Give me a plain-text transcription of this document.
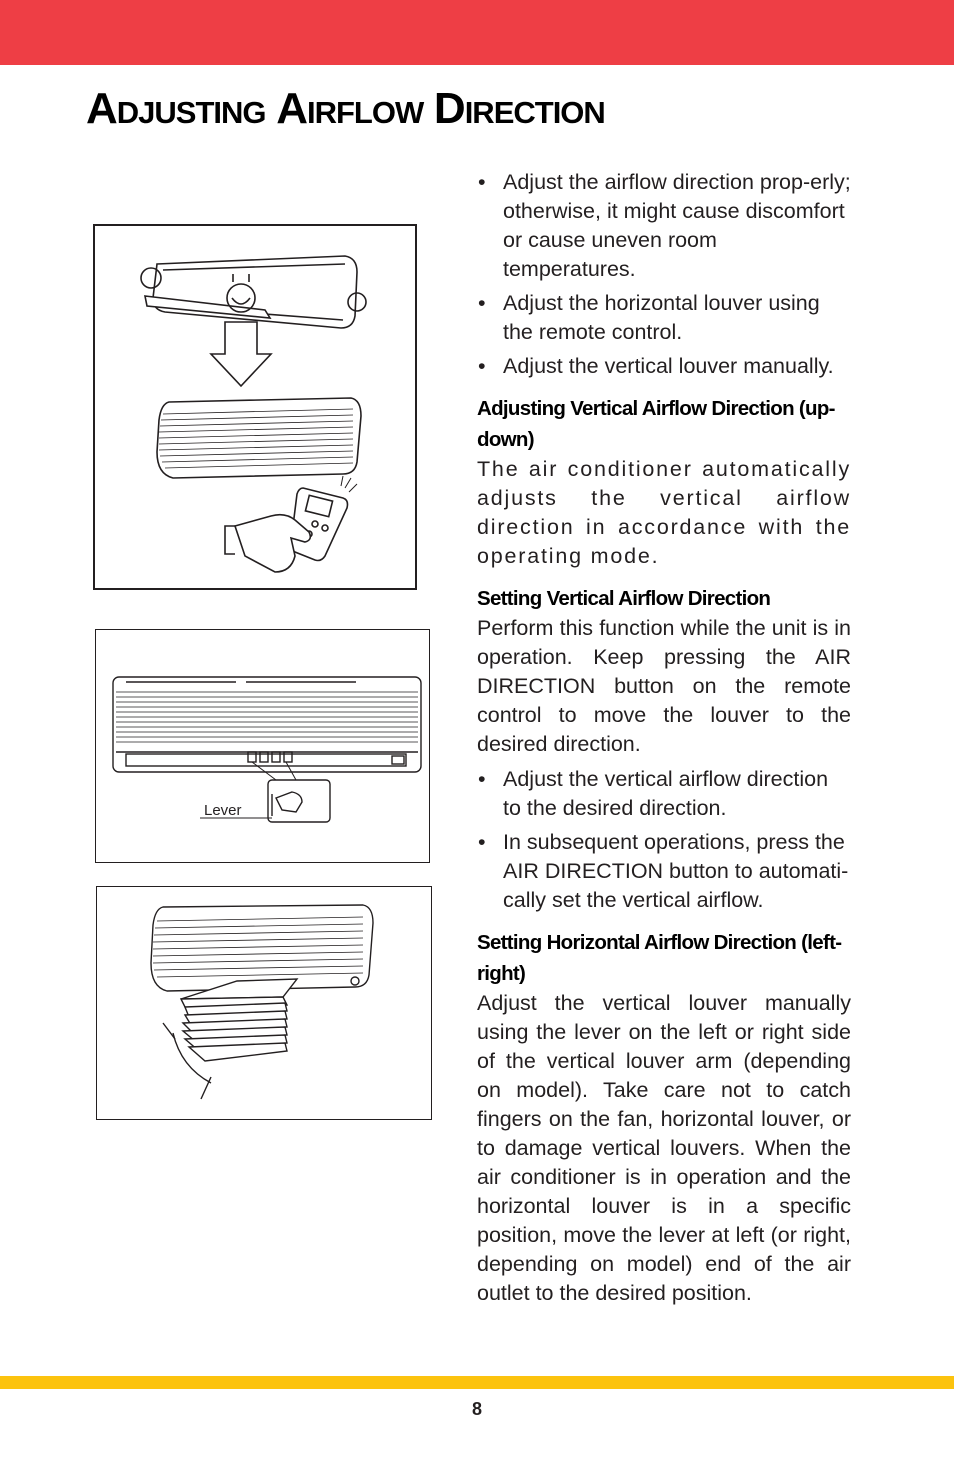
ADJUSTING AIRFLOW DIRECTION
Lever
• Adjust the airflow direction prop-erly; otherwise, it might cause discomfort or cause uneven room temperatures.
• Adjust the horizontal louver using the remote control.
• Adjust the vertical louver manually.
Adjusting Vertical Airflow Direction (up-down)

The air conditioner automatically adjusts the vertical airflow direction in accordance with the operating mode.

Setting Vertical Airflow Direction

Perform this function while the unit is in operation. Keep pressing the AIR DIRECTION button on the remote control to move the louver to the desired direction.

• Adjust the vertical airflow direction to the desired direction.
• In subsequent operations, press the AIR DIRECTION button to automati-cally set the vertical airflow.
Setting Horizontal Airflow Direction (left-right)

Adjust the vertical louver manually using the lever on the left or right side of the vertical louver arm (depending on model). Take care not to catch fingers on the fan, horizontal louver, or to damage vertical louvers. When the air conditioner is in operation and the horizontal louver is in a specific position, move the lever at left (or right, depending on model) end of the air outlet to the desired position.

8
